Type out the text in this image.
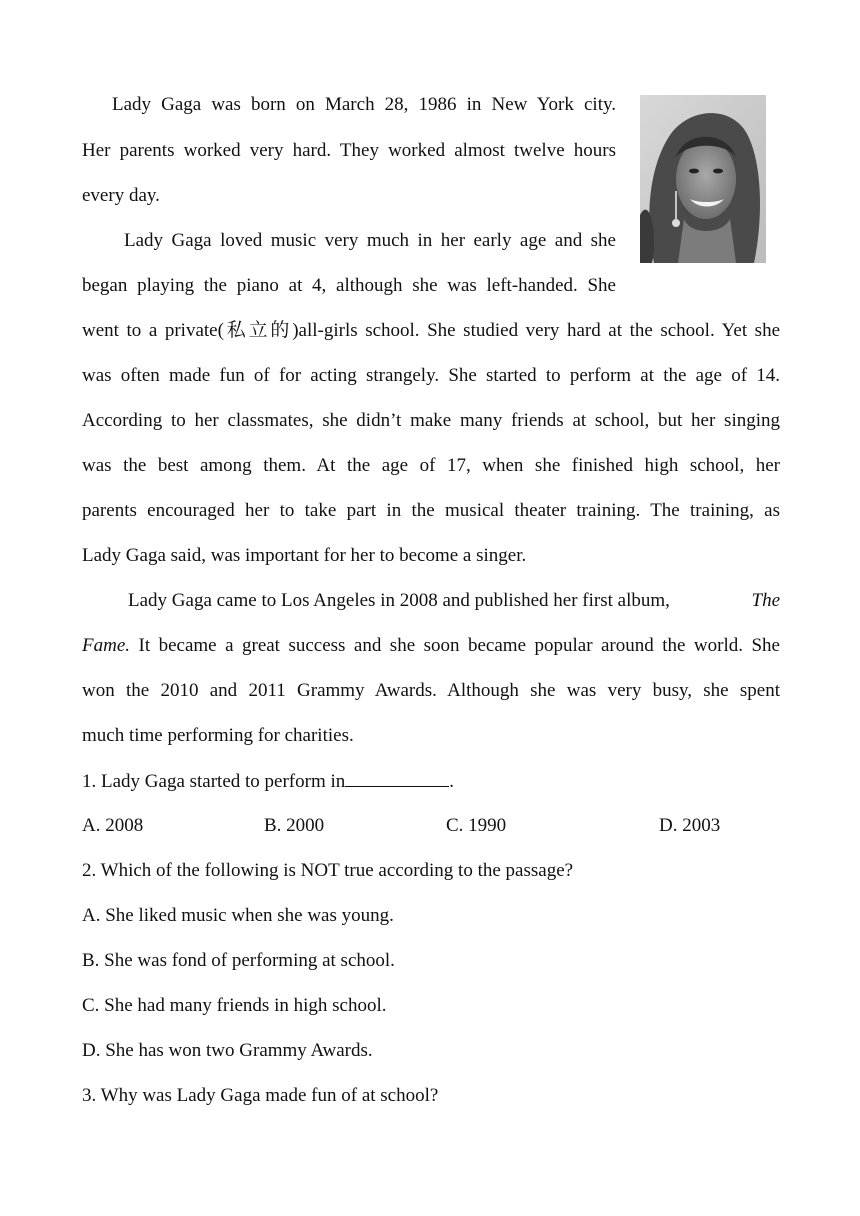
Lady Gaga was born on March 28, 1986 in New York city.
Her parents worked very hard. They worked almost twelve hours
every day.
Lady Gaga loved music very much in her early age and she
began playing the piano at 4, although she was left-handed. She
went to a private(私立的)all-girls school. She studied very hard at the school. Yet she
was often made fun of for acting strangely. She started to perform at the age of 14.
According to her classmates, she didn’t make many friends at school, but her singing
was the best among them. At the age of 17, when she finished high school, her
parents encouraged her to take part in the musical theater training. The training, as
Lady Gaga said, was important for her to become a singer.
Lady Gaga came to Los Angeles in 2008 and published her first album,	The
Fame. It became a great success and she soon became popular around the world. She
won the 2010 and 2011 Grammy Awards. Although she was very busy, she spent
much time performing for charities.
1. Lady Gaga started to perform in	.
A. 2008	B. 2000	C. 1990	D. 2003
2. Which of the following is NOT true according to the passage?
A. She liked music when she was young.
B. She was fond of performing at school.
C. She had many friends in high school.
D. She has won two Grammy Awards.
3. Why was Lady Gaga made fun of at school?
